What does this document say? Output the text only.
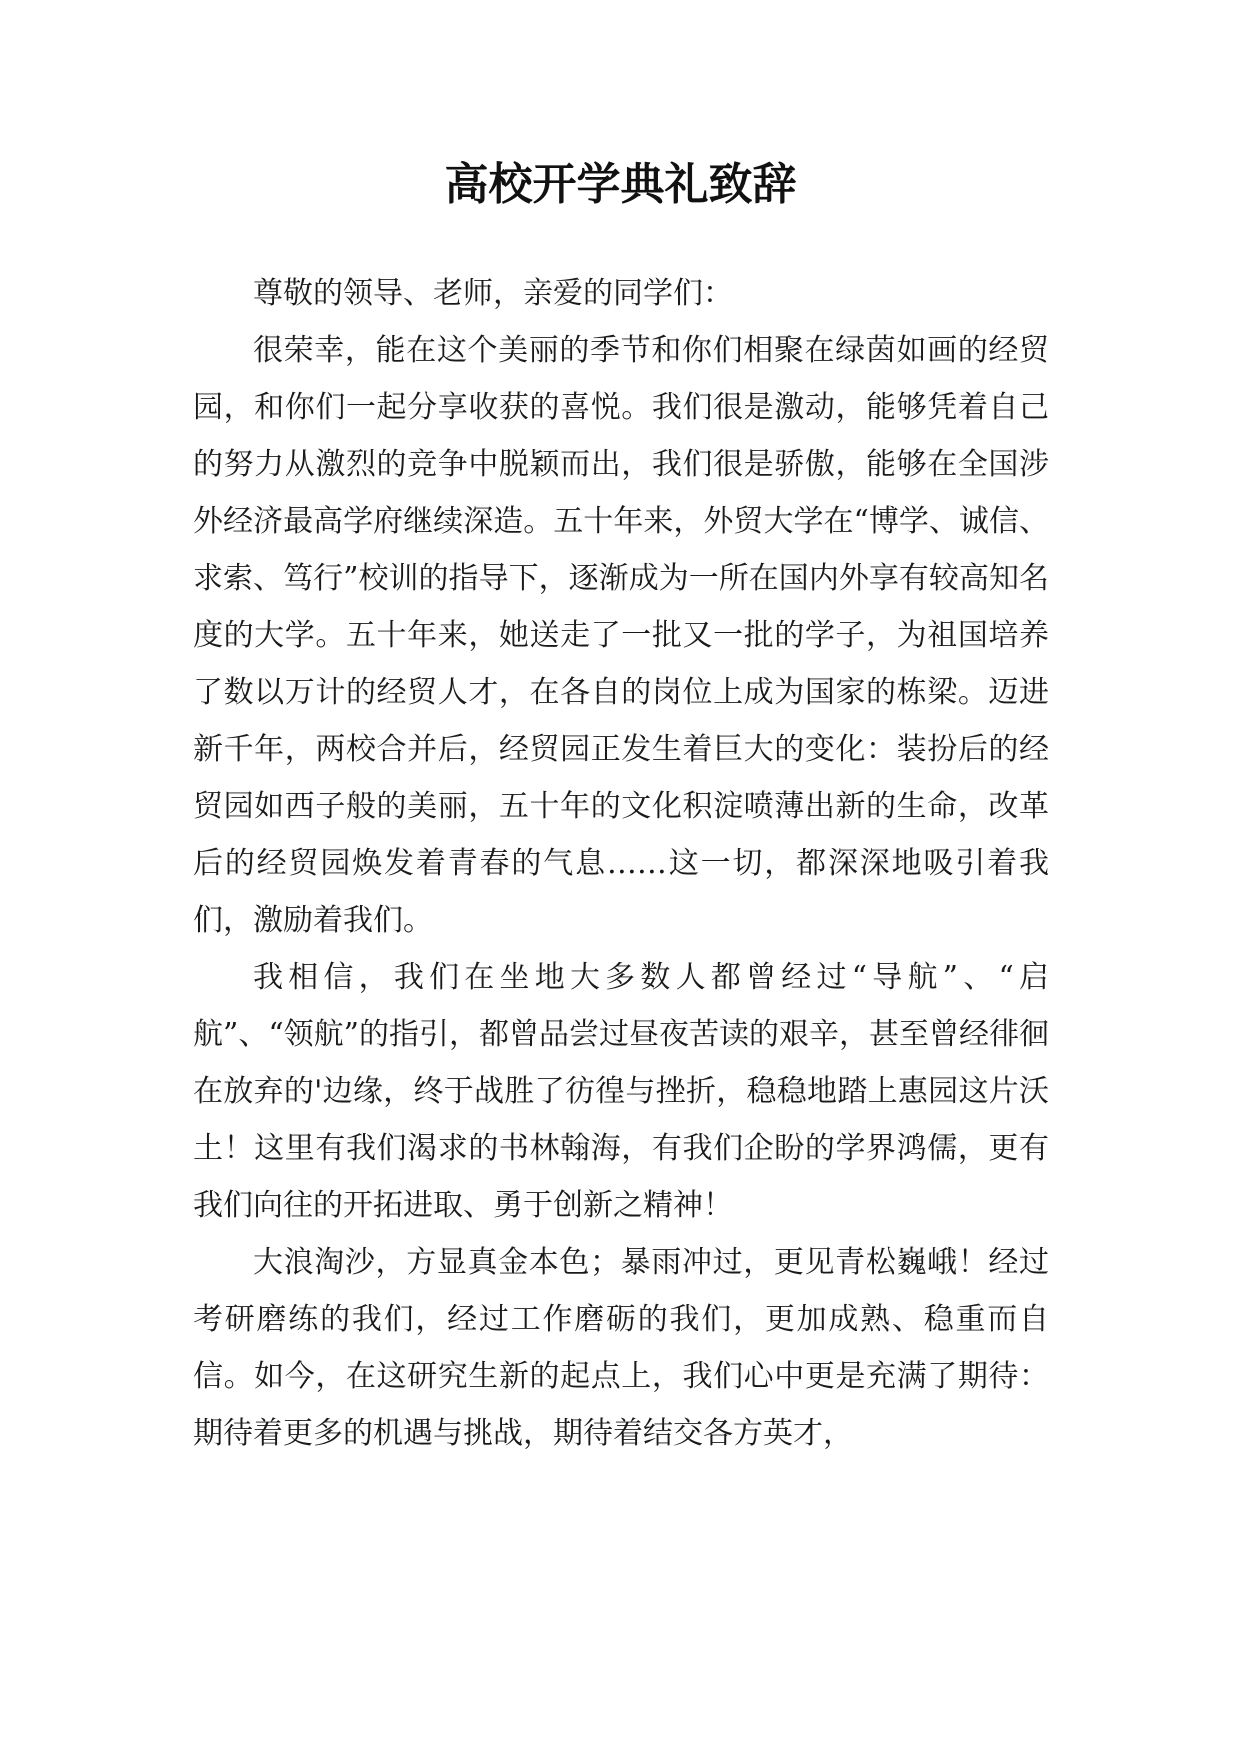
高校开学典礼致辞

尊敬的领导、老师，亲爱的同学们：

很荣幸，能在这个美丽的季节和你们相聚在绿茵如画的经贸园，和你们一起分享收获的喜悦。我们很是激动，能够凭着自己的努力从激烈的竞争中脱颖而出，我们很是骄傲，能够在全国涉外经济最高学府继续深造。五十年来，外贸大学在“博学、诚信、求索、笃行”校训的指导下，逐渐成为一所在国内外享有较高知名度的大学。五十年来，她送走了一批又一批的学子，为祖国培养了数以万计的经贸人才，在各自的岗位上成为国家的栋梁。迈进新千年，两校合并后，经贸园正发生着巨大的变化：装扮后的经贸园如西子般的美丽，五十年的文化积淀喷薄出新的生命，改革后的经贸园焕发着青春的气息……这一切，都深深地吸引着我们，激励着我们。

我相信，我们在坐地大多数人都曾经过“导航”、“启航”、“领航”的指引，都曾品尝过昼夜苦读的艰辛，甚至曾经徘徊在放弃的'边缘，终于战胜了彷徨与挫折，稳稳地踏上惠园这片沃土！这里有我们渴求的书林翰海，有我们企盼的学界鸿儒，更有我们向往的开拓进取、勇于创新之精神！

大浪淘沙，方显真金本色；暴雨冲过，更见青松巍峨！经过考研磨练的我们，经过工作磨砺的我们，更加成熟、稳重而自信。如今，在这研究生新的起点上，我们心中更是充满了期待：期待着更多的机遇与挑战，期待着结交各方英才，
